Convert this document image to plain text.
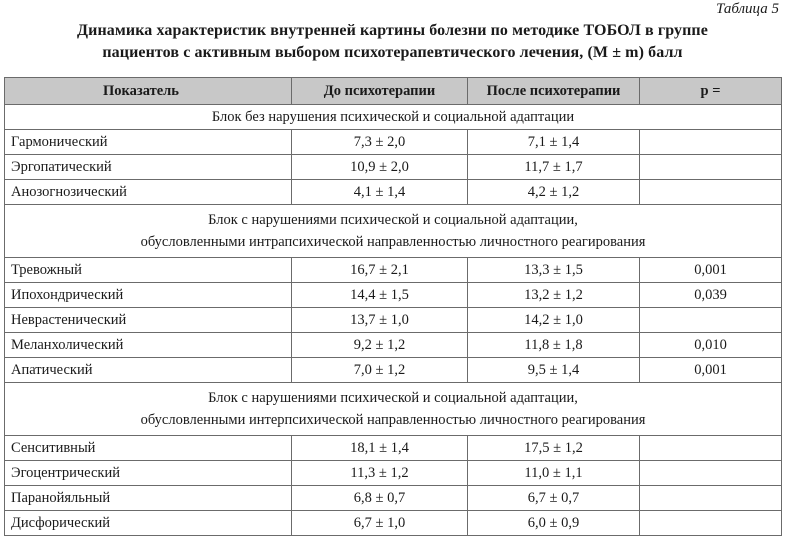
Таблица 5
Динамика характеристик внутренней картины болезни по методике ТОБОЛ в группе
пациентов с активным выбором психотерапевтического лечения, (M ± m) балл
Показатель	До психотерапии	После психотерапии	p =

Блок без нарушения психической и социальной адаптации			

Гармонический	7,3 ± 2,0	7,1 ± 1,4	
Эргопатический	10,9 ± 2,0	11,7 ± 1,7	
Анозогнозический	4,1 ± 1,4	4,2 ± 1,2	

Блок с нарушениями психической и социальной адаптации,
обусловленными интрапсихической направленностью личностного реагирования			

Тревожный	16,7 ± 2,1	13,3 ± 1,5	0,001
Ипохондрический	14,4 ± 1,5	13,2 ± 1,2	0,039
Неврастенический	13,7 ± 1,0	14,2 ± 1,0	
Меланхолический	9,2 ± 1,2	11,8 ± 1,8	0,010
Апатический	7,0 ± 1,2	9,5 ± 1,4	0,001

Блок с нарушениями психической и социальной адаптации,
обусловленными интерпсихической направленностью личностного реагирования			

Сенситивный	18,1 ± 1,4	17,5 ± 1,2	
Эгоцентрический	11,3 ± 1,2	11,0 ± 1,1	
Паранойяльный	6,8 ± 0,7	6,7 ± 0,7	
Дисфорический	6,7 ± 1,0	6,0 ± 0,9	
